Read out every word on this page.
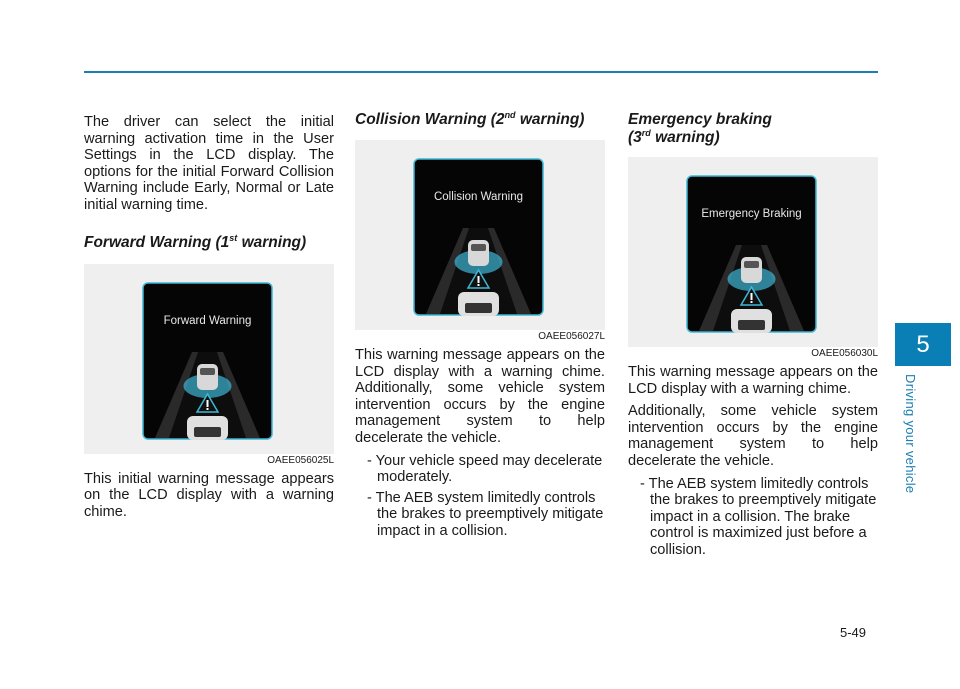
The driver can select the initial warning activation time in the User Settings in the LCD display. The options for the initial Forward Collision Warning include Early, Normal or Late initial warning time.

Forward Warning (1st warning)
Forward Warning
OAEE056025L

This initial warning message appears on the LCD display with a warning chime.

Collision Warning (2nd warning)
Collision Warning
OAEE056027L

This warning message appears on the LCD display with a warning chime. Additionally, some vehicle system intervention occurs by the engine management system to help decelerate the vehicle.

- Your vehicle speed may decelerate moderately.

- The AEB system limitedly controls the brakes to preemptively mitigate impact in a collision.

Emergency braking
(3rd warning)
Emergency Braking
OAEE056030L

This warning message appears on the LCD display with a warning chime.

Additionally, some vehicle system intervention occurs by the engine management system to help decelerate the vehicle.

- The AEB system limitedly controls the brakes to preemptively mitigate impact in a collision. The brake control is maximized just before a collision.

5
Driving your vehicle
5-49
